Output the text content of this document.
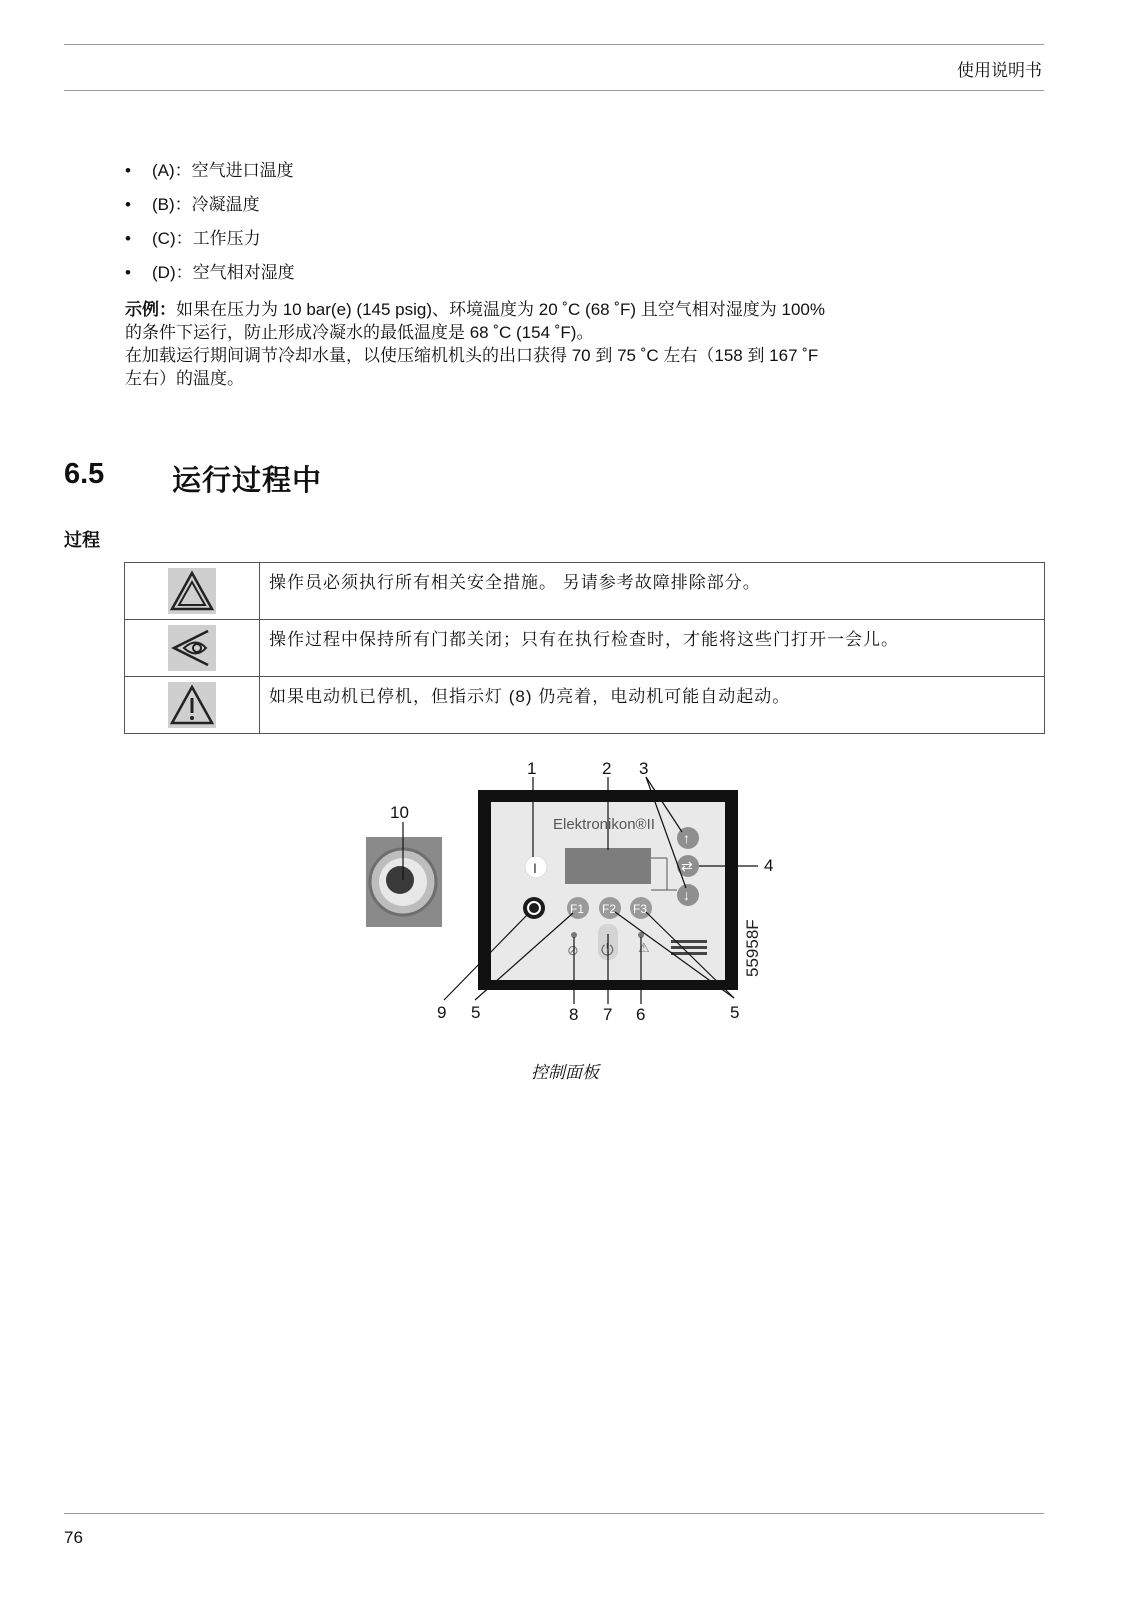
使用说明书
• (A)：空气进口温度
• (B)：冷凝温度
• (C)：工作压力
• (D)：空气相对湿度
示例：如果在压力为 10 bar(e) (145 psig)、环境温度为 20 ˚C (68 ˚F) 且空气相对湿度为 100%
的条件下运行，防止形成冷凝水的最低温度是 68 ˚C (154 ˚F)。
在加载运行期间调节冷却水量，以使压缩机机头的出口获得 70 到 75 ˚C 左右（158 到 167 ˚F
左右）的温度。
6.5 运行过程中
过程
	操作员必须执行所有相关安全措施。 另请参考故障排除部分。

	操作过程中保持所有门都关闭；只有在执行检查时，才能将这些门打开一会儿。

	如果电动机已停机，但指示灯 (8) 仍亮着，电动机可能自动起动。
Elektronikon®II
I
F1 F2 F3
↑
⇄
↓
⊘ ⏻ ⚠	55958F
1	2 3
4
5	5
6
7
8
9
10
控制面板
76
